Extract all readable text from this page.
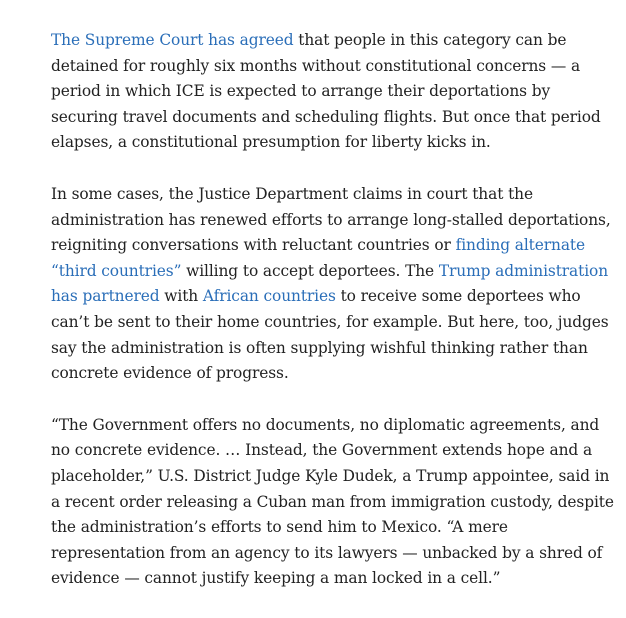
The Supreme Court has agreed that people in this category can be detained for roughly six months without constitutional concerns — a period in which ICE is expected to arrange their deportations by securing travel documents and scheduling flights. But once that period elapses, a constitutional presumption for liberty kicks in.

In some cases, the Justice Department claims in court that the administration has renewed efforts to arrange long-stalled deportations, reigniting conversations with reluctant countries or finding alternate “third countries” willing to accept deportees. The Trump administration has partnered with African countries to receive some deportees who can’t be sent to their home countries, for example. But here, too, judges say the administration is often supplying wishful thinking rather than concrete evidence of progress.

“The Government offers no documents, no diplomatic agreements, and no concrete evidence. … Instead, the Government extends hope and a placeholder,” U.S. District Judge Kyle Dudek, a Trump appointee, said in a recent order releasing a Cuban man from immigration custody, despite the administration’s efforts to send him to Mexico. “A mere representation from an agency to its lawyers — unbacked by a shred of evidence — cannot justify keeping a man locked in a cell.”
